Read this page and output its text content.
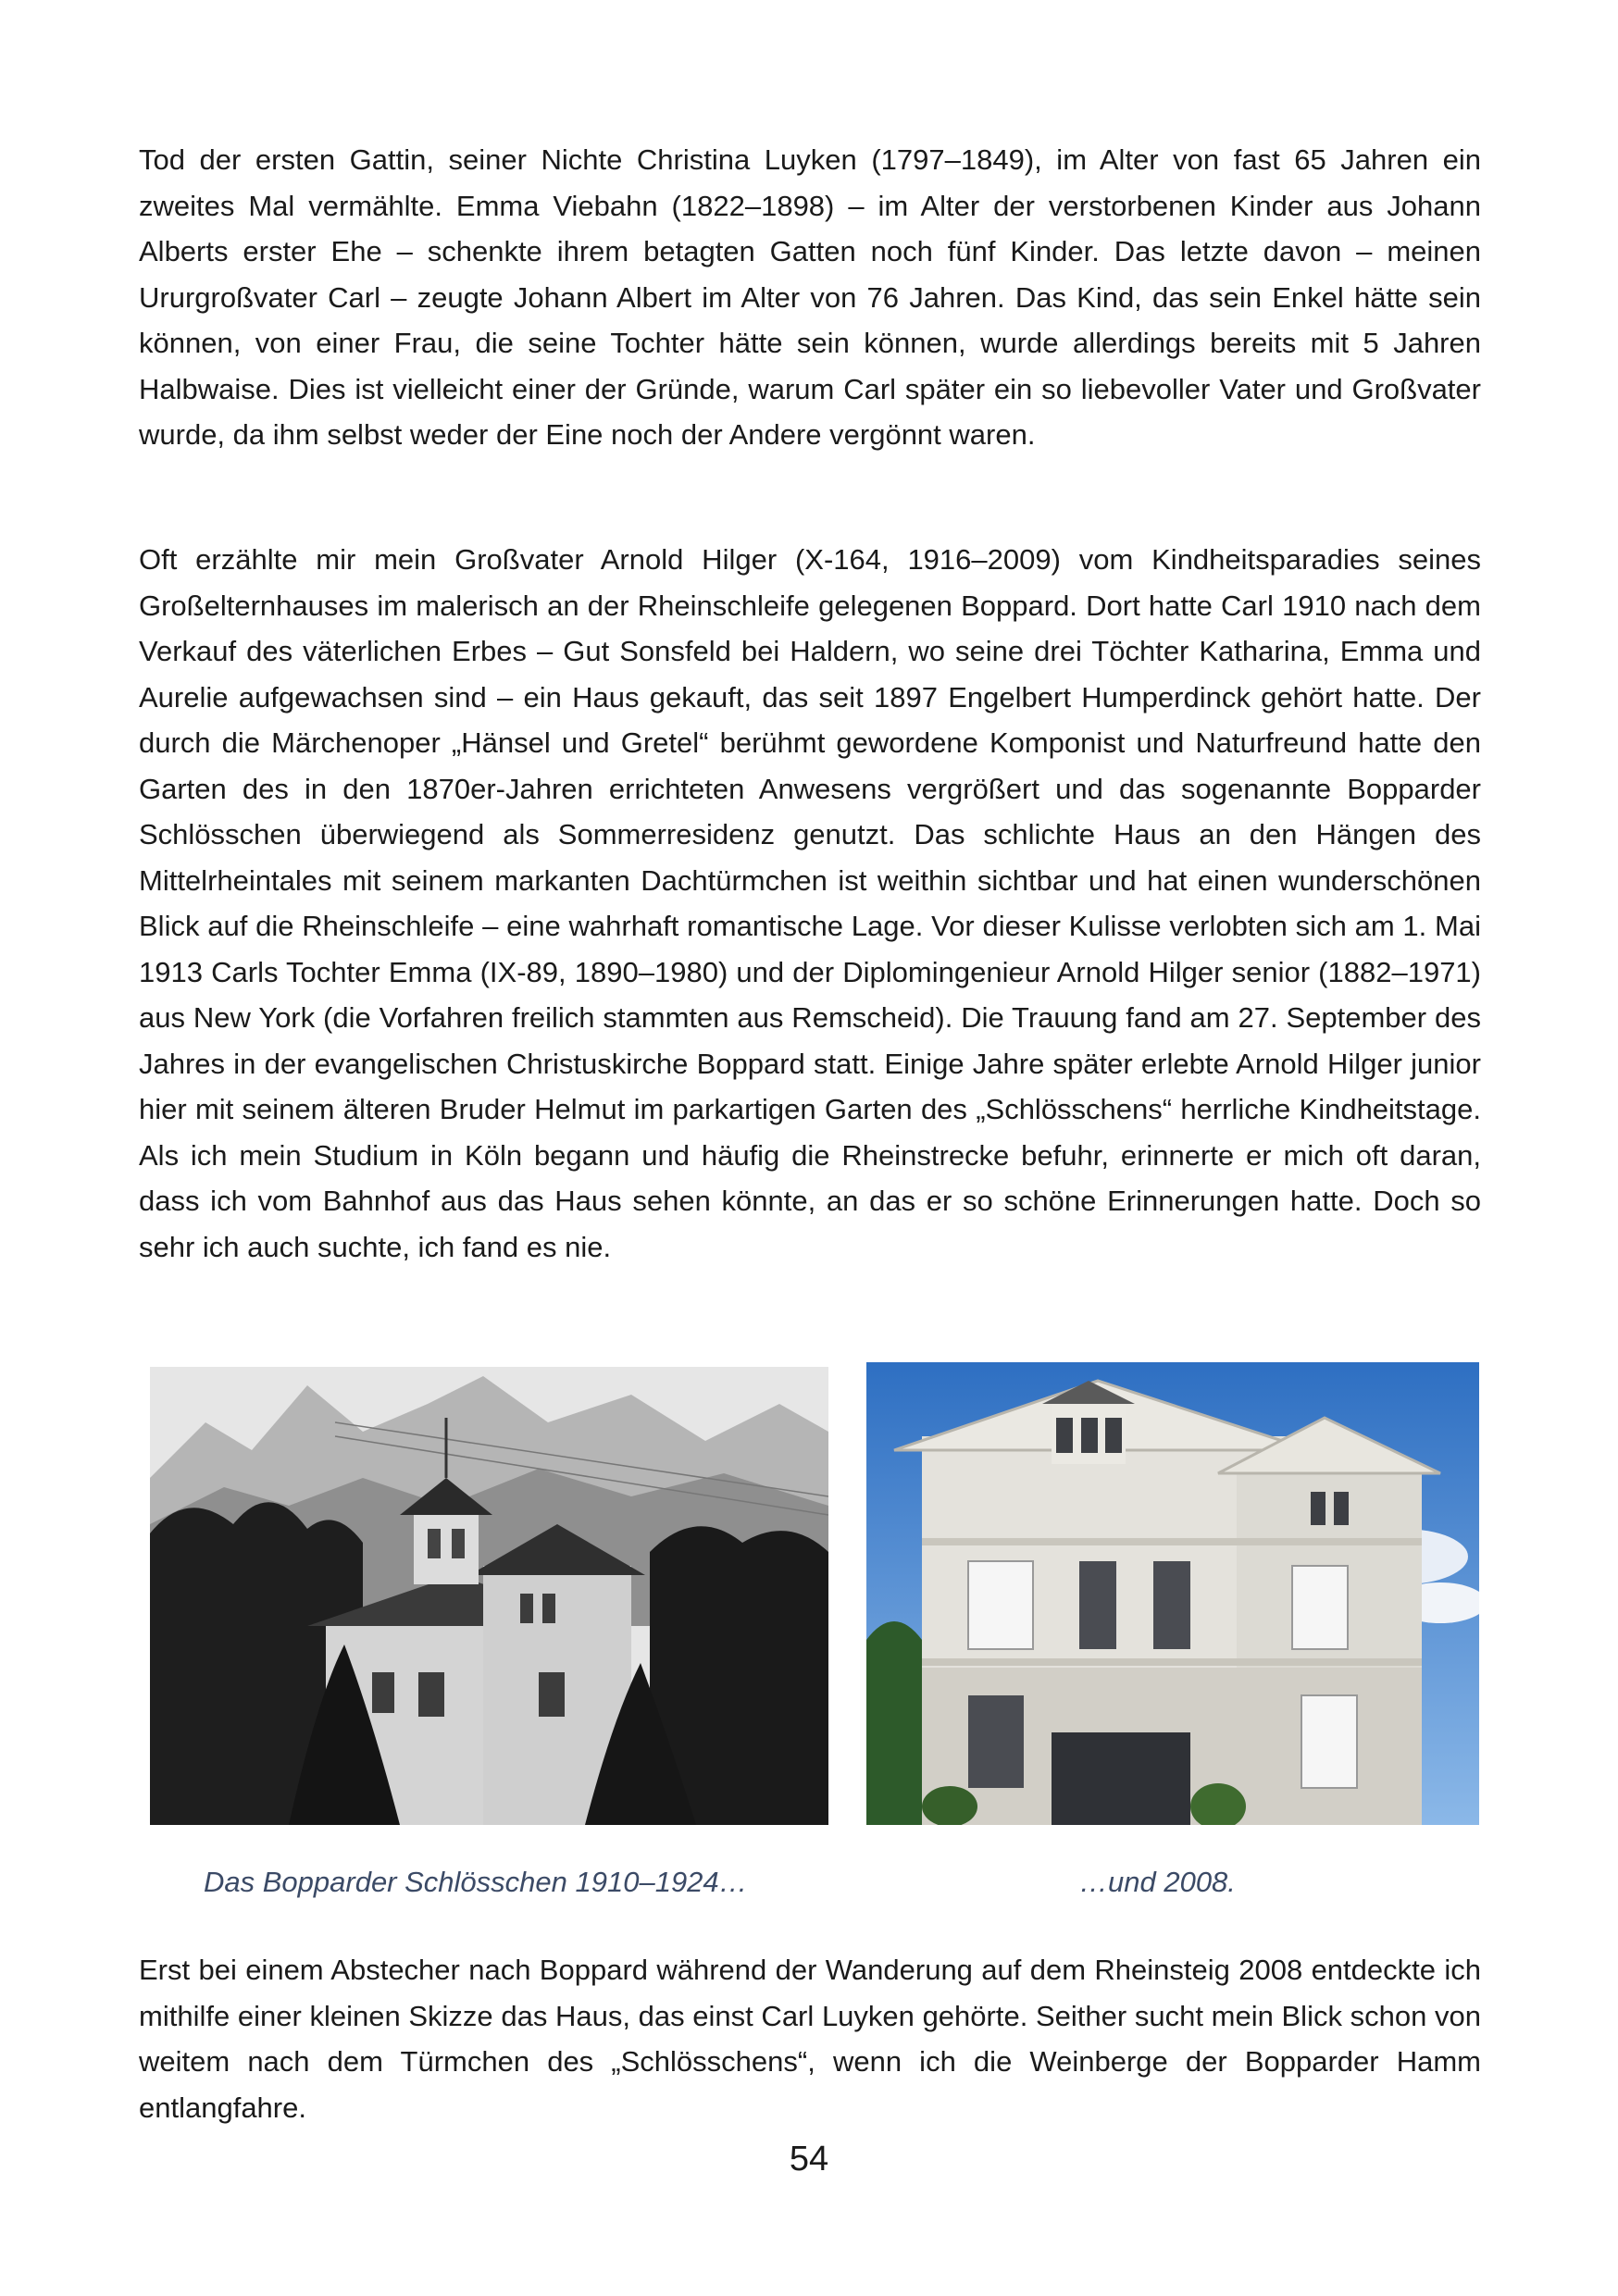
Tod der ersten Gattin, seiner Nichte Christina Luyken (1797–1849), im Alter von fast 65 Jahren ein zweites Mal vermählte. Emma Viebahn (1822–1898) – im Alter der verstorbenen Kinder aus Johann Alberts erster Ehe – schenkte ihrem betagten Gatten noch fünf Kinder. Das letzte davon – meinen Ururgroßvater Carl – zeugte Johann Albert im Alter von 76 Jahren. Das Kind, das sein Enkel hätte sein können, von einer Frau, die seine Tochter hätte sein können, wurde allerdings bereits mit 5 Jahren Halbwaise. Dies ist vielleicht einer der Gründe, warum Carl später ein so liebevoller Vater und Großvater wurde, da ihm selbst weder der Eine noch der Andere vergönnt waren.

Oft erzählte mir mein Großvater Arnold Hilger (X-164, 1916–2009) vom Kindheitsparadies seines Großelternhauses im malerisch an der Rheinschleife gelegenen Boppard. Dort hatte Carl 1910 nach dem Verkauf des väterlichen Erbes – Gut Sonsfeld bei Haldern, wo seine drei Töchter Katharina, Emma und Aurelie aufgewachsen sind – ein Haus gekauft, das seit 1897 Engelbert Humperdinck gehört hatte. Der durch die Märchenoper „Hänsel und Gretel“ berühmt gewordene Komponist und Naturfreund hatte den Garten des in den 1870er-Jahren errichteten Anwesens vergrößert und das sogenannte Bopparder Schlösschen überwiegend als Sommerresidenz genutzt. Das schlichte Haus an den Hängen des Mittelrheintales mit seinem markanten Dachtürmchen ist weithin sichtbar und hat einen wunderschönen Blick auf die Rheinschleife – eine wahrhaft romantische Lage. Vor dieser Kulisse verlobten sich am 1. Mai 1913 Carls Tochter Emma (IX-89, 1890–1980) und der Diplomingenieur Arnold Hilger senior (1882–1971) aus New York (die Vorfahren freilich stammten aus Remscheid). Die Trauung fand am 27. September des Jahres in der evangelischen Christuskirche Boppard statt. Einige Jahre später erlebte Arnold Hilger junior hier mit seinem älteren Bruder Helmut im parkartigen Garten des „Schlösschens“ herrliche Kindheitstage. Als ich mein Studium in Köln begann und häufig die Rheinstrecke befuhr, erinnerte er mich oft daran, dass ich vom Bahnhof aus das Haus sehen könnte, an das er so schöne Erinnerungen hatte. Doch so sehr ich auch suchte, ich fand es nie.

Das Bopparder Schlösschen 1910–1924…	…und 2008.

Erst bei einem Abstecher nach Boppard während der Wanderung auf dem Rheinsteig 2008 entdeckte ich mithilfe einer kleinen Skizze das Haus, das einst Carl Luyken gehörte. Seither sucht mein Blick schon von weitem nach dem Türmchen des „Schlösschens“, wenn ich die Weinberge der Bopparder Hamm entlangfahre.

54
